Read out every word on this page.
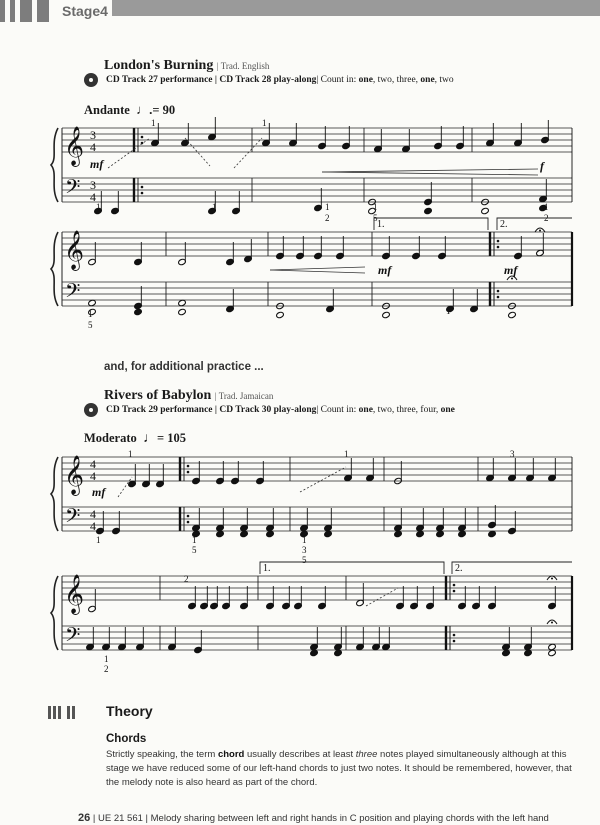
Stage4
London's Burning | Trad. English
CD Track 27 performance | CD Track 28 play-along| Count in: one, two, three, one, two
Andante ♩.= 90
𝄞
𝄢
3
4
3
4
1	1
1	1	1
2
1
5
1
2
mf	f
𝄞
𝄢
1
5
1
mf	mf
1.	2.
and, for additional practice ...
Rivers of Babylon | Trad. Jamaican
CD Track 29 performance | CD Track 30 play-along| Count in: one, two, three, four, one
Moderato ♩= 105
𝄞
𝄢
4
4
4
4
1	1	3
1	1
5
1
3
5
mf
𝄞
𝄢
2
1
2
1.	2.
Theory
Chords

Strictly speaking, the term chord usually describes at least three notes played simultaneously although at this stage we have reduced some of our left-hand chords to just two notes. It should be remembered, however, that the melody note is also heard as part of the chord.

26 | UE 21 561 | Melody sharing between left and right hands in C position and playing chords with the left hand
